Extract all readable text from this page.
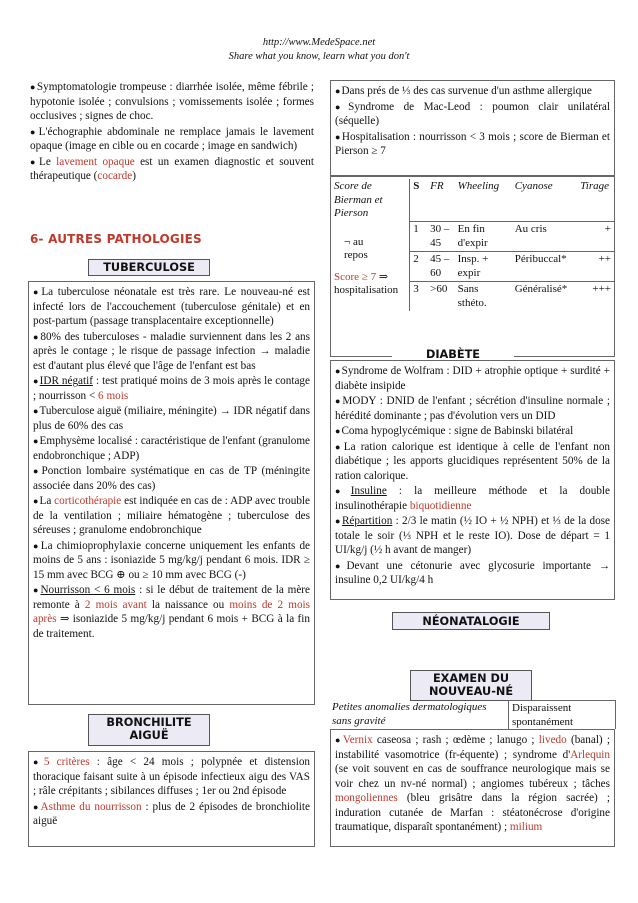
http://www.MedeSpace.net
Share what you know, learn what you don't

●Symptomatologie trompeuse : diarrhée isolée, même fébrile ; hypotonie isolée ; convulsions ; vomissements isolée ; formes occlusives ; signes de choc.

●L'échographie abdominale ne remplace jamais le lavement opaque (image en cible ou en cocarde ; image en sandwich)

●Le lavement opaque est un examen diagnostic et souvent thérapeutique (cocarde)

6- AUTRES PATHOLOGIES
TUBERCULOSE

●La tuberculose néonatale est très rare. Le nouveau-né est infecté lors de l'accouchement (tuberculose génitale) et en post-partum (passage transplacentaire exceptionnelle)

●80% des tuberculoses - maladie surviennent dans les 2 ans après le contage ; le risque de passage infection → maladie est d'autant plus élevé que l'âge de l'enfant est bas

●IDR négatif : test pratiqué moins de 3 mois après le contage ; nourrisson < 6 mois

●Tuberculose aiguë (miliaire, méningite) → IDR négatif dans plus de 60% des cas

●Emphysème localisé : caractéristique de l'enfant (granulome endobronchique ; ADP)

●Ponction lombaire systématique en cas de TP (méningite associée dans 20% des cas)

●La corticothérapie est indiquée en cas de : ADP avec trouble de la ventilation ; miliaire hématogène ; tuberculose des séreuses ; granulome endobronchique

●La chimioprophylaxie concerne uniquement les enfants de moins de 5 ans : isoniazide 5 mg/kg/j pendant 6 mois. IDR ≥ 15 mm avec BCG ⊕ ou ≥ 10 mm avec BCG (-)

●Nourrisson < 6 mois : si le début de traitement de la mère remonte à 2 mois avant la naissance ou moins de 2 mois après ⇒ isoniazide 5 mg/kg/j pendant 6 mois + BCG à la fin de traitement.

BRONCHILITE
AIGUË

●5 critères : âge < 24 mois ; polypnée et distension thoracique faisant suite à un épisode infectieux aigu des VAS ; râle crépitants ; sibilances diffuses ; 1er ou 2nd épisode

●Asthme du nourrisson : plus de 2 épisodes de bronchiolite aiguë

●Dans prés de ⅓ des cas survenue d'un asthme allergique

●Syndrome de Mac-Leod : poumon clair unilatéral (séquelle)

●Hospitalisation : nourrisson < 3 mois ; score de Bierman et Pierson ≥ 7

Score de Bierman et Pierson	S	FR	Wheeling	Cyanose	Tirage

¬ au repos
Score ≥ 7 ⇒ hospitalisation	1	30 – 45	En fin d'expir	Au cris	+
	2	45 – 60	Insp. + expir	Péribuccal*	++
	3	>60	Sans sthéto.	Généralisé*	+++
DIABÈTE

●Syndrome de Wolfram : DID + atrophie optique + surdité + diabète insipide

●MODY : DNID de l'enfant ; sécrétion d'insuline normale ; hérédité dominante ; pas d'évolution vers un DID

●Coma hypoglycémique : signe de Babinski bilatéral

●La ration calorique est identique à celle de l'enfant non diabétique ; les apports glucidiques représentent 50% de la ration calorique.

●Insuline : la meilleure méthode et la double insulinothérapie biquotidienne

●Répartition : 2/3 le matin (½ IO + ½ NPH) et ⅓ de la dose totale le soir (⅓ NPH et le reste IO). Dose de départ = 1 UI/kg/j (½ h avant de manger)

●Devant une cétonurie avec glycosurie importante → insuline 0,2 UI/kg/4 h

NÉONATALOGIE
EXAMEN DU
NOUVEAU-NÉ
Petites anomalies dermatologiques sans gravité
Disparaissent spontanément

●Vernix caseosa ; rash ; œdème ; lanugo ; livedo (banal) ; instabilité vasomotrice (fr-équente) ; syndrome d'Arlequin (se voit souvent en cas de souffrance neurologique mais se voir chez un nv-né normal) ; angiomes tubéreux ; tâches mongoliennes (bleu grisâtre dans la région sacrée) ; induration cutanée de Marfan : stéatonécrose d'origine traumatique, disparaît spontanément) ; milium
